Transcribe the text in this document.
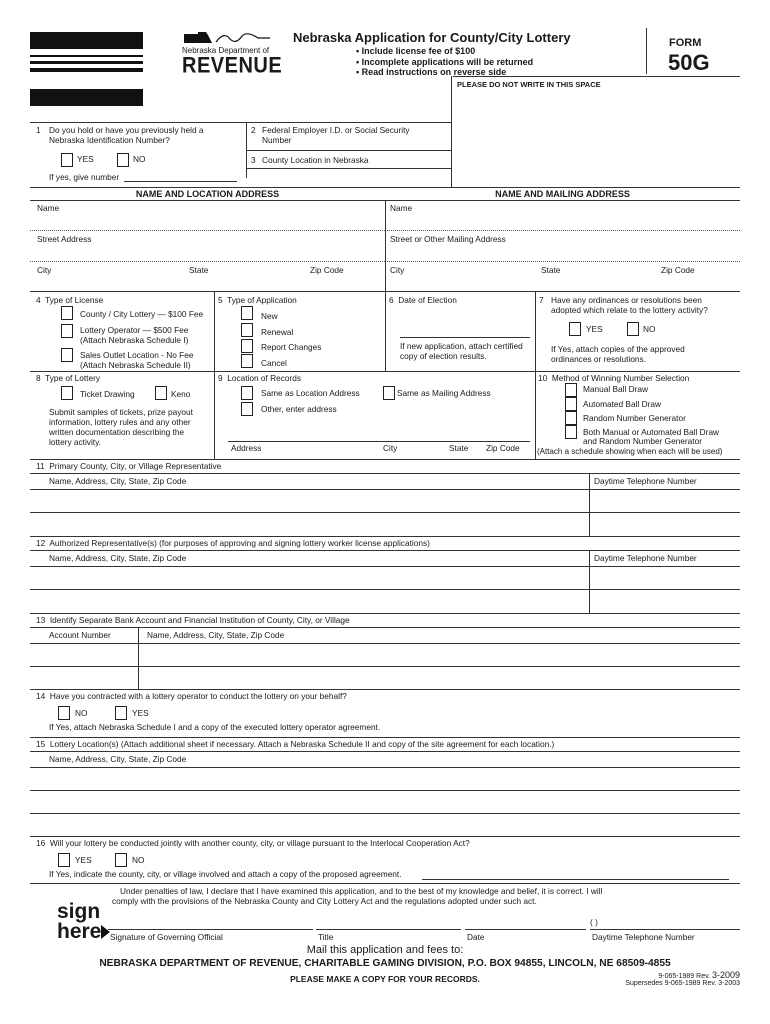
Nebraska Department of
REVENUE
Nebraska Application for County/City Lottery
• Include license fee of $100
• Incomplete applications will be returned
• Read instructions on reverse side
FORM
50G
PLEASE DO NOT WRITE IN THIS SPACE
1 Do you hold or have you previously held a Nebraska Identification Number?
YES	NO
If yes, give number
2 Federal Employer I.D. or Social Security Number
3 County Location in Nebraska
NAME AND LOCATION ADDRESS	NAME AND MAILING ADDRESS
Name	Name
Street Address	Street or Other Mailing Address
City	State	Zip Code	City	State	Zip Code
4 Type of License
County / City Lottery — $100 Fee
Lottery Operator — $500 Fee
(Attach Nebraska Schedule I)
Sales Outlet Location - No Fee
(Attach Nebraska Schedule II)
5 Type of Application
New
Renewal
Report Changes
Cancel
6 Date of Election
If new application, attach certified copy of election results.
7 Have any ordinances or resolutions been adopted which relate to the lottery activity?
YES	NO
If Yes, attach copies of the approved ordinances or resolutions.
8 Type of Lottery
Ticket Drawing	Keno
Submit samples of tickets, prize payout information, lottery rules and any other written documentation describing the lottery activity.
9 Location of Records
Same as Location Address	Same as Mailing Address
Other, enter address
Address	City	State Zip Code
10 Method of Winning Number Selection
Manual Ball Draw
Automated Ball Draw
Random Number Generator
Both Manual or Automated Ball Draw
and Random Number Generator
(Attach a schedule showing when each will be used)
11 Primary County, City, or Village Representative
Name, Address, City, State, Zip Code	Daytime Telephone Number
12 Authorized Representative(s) (for purposes of approving and signing lottery worker license applications)
Name, Address, City, State, Zip Code	Daytime Telephone Number
13 Identify Separate Bank Account and Financial Institution of County, City, or Village
Account Number	Name, Address, City, State, Zip Code
14 Have you contracted with a lottery operator to conduct the lottery on your behalf?
NO	YES
If Yes, attach Nebraska Schedule I and a copy of the executed lottery operator agreement.
15 Lottery Location(s) (Attach additional sheet if necessary. Attach a Nebraska Schedule II and copy of the site agreement for each location.)
Name, Address, City, State, Zip Code
16 Will your lottery be conducted jointly with another county, city, or village pursuant to the Interlocal Cooperation Act?
YES	NO
If Yes, indicate the county, city, or village involved and attach a copy of the proposed agreement.
Under penalties of law, I declare that I have examined this application, and to the best of my knowledge and belief, it is correct. I will
comply with the provisions of the Nebraska County and City Lottery Act and the regulations adopted under such act.
sign
here	( )
Signature of Governing Official	Title	Date	Daytime Telephone Number
Mail this application and fees to:
NEBRASKA DEPARTMENT OF REVENUE, CHARITABLE GAMING DIVISION, P.O. BOX 94855, LINCOLN, NE 68509-4855
PLEASE MAKE A COPY FOR YOUR RECORDS.	9-065-1989 Rev. 3-2009
Supersedes 9-065-1989 Rev. 3-2003
